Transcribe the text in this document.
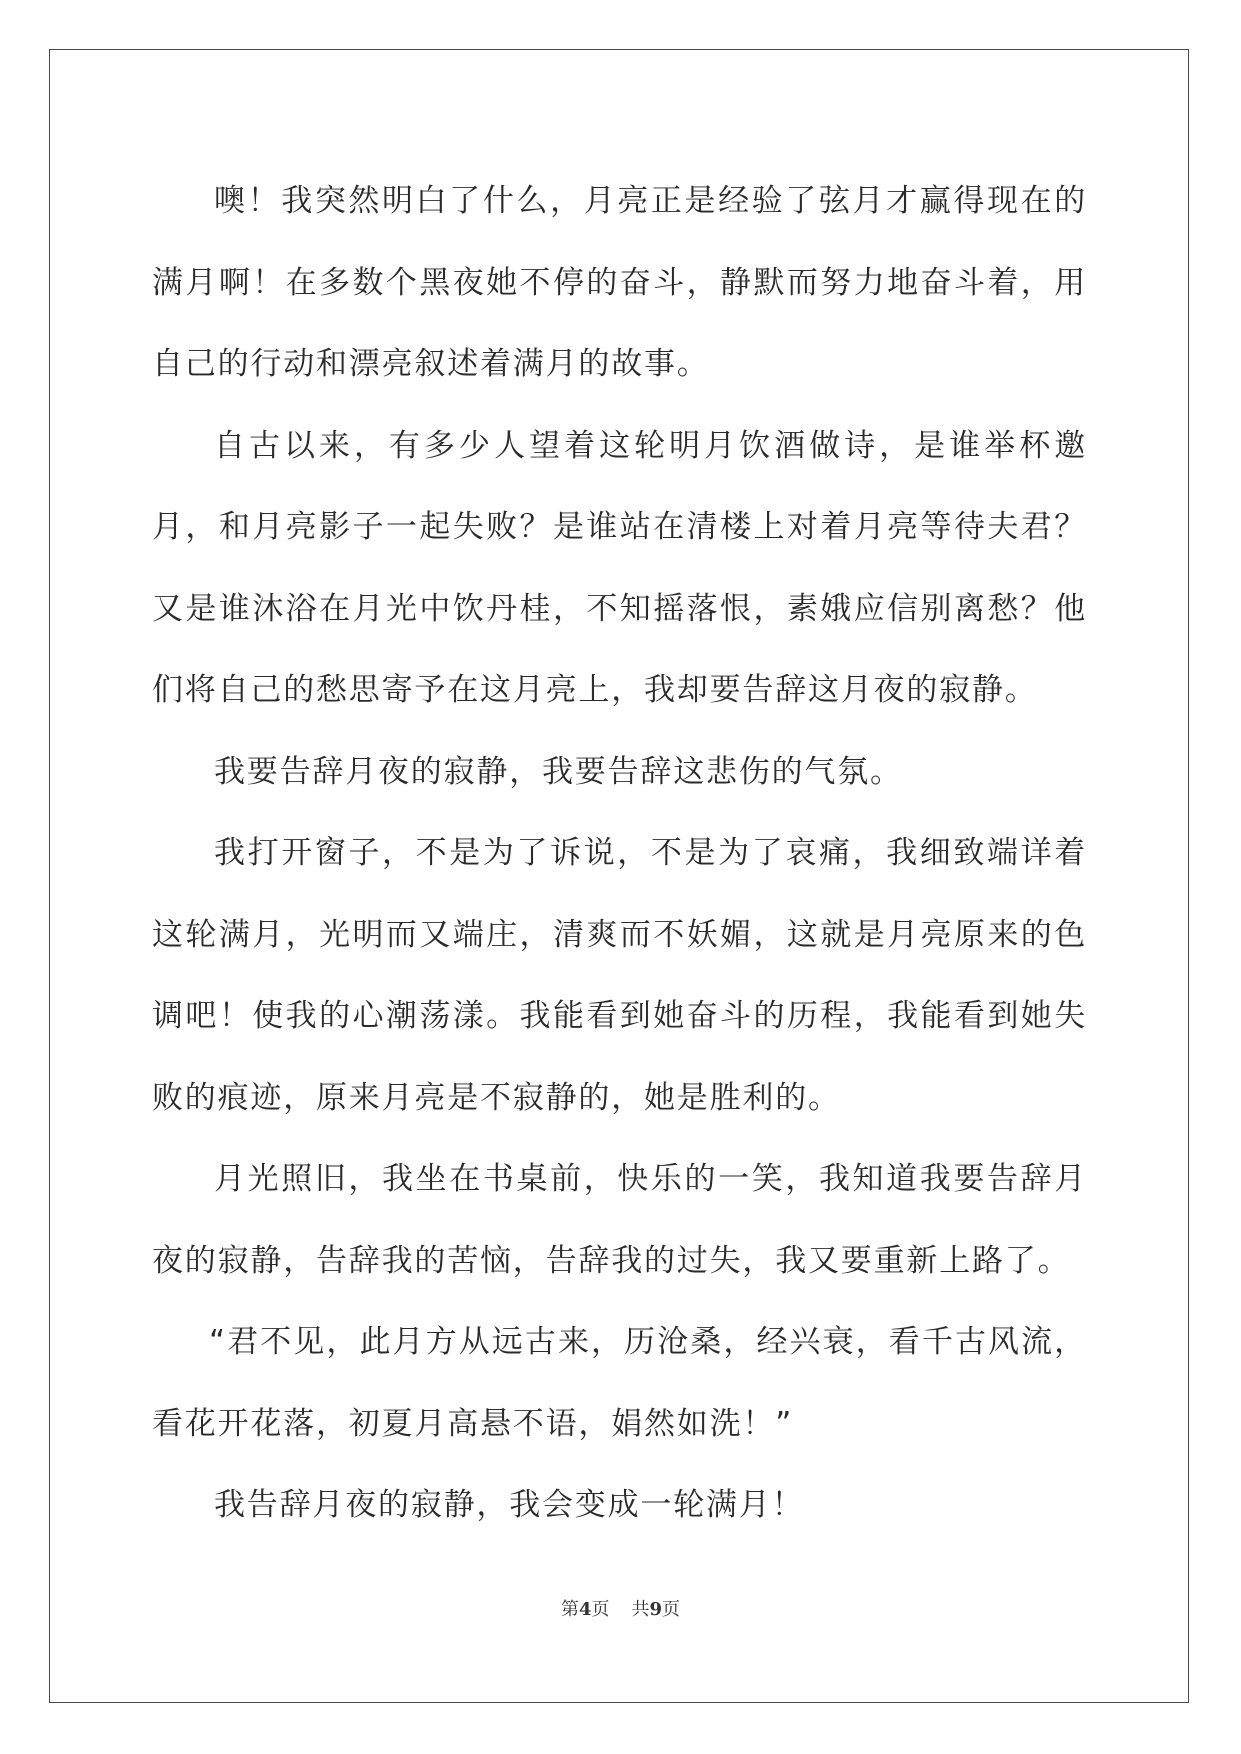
噢！我突然明白了什么，月亮正是经验了弦月才赢得现在的满月啊！在多数个黑夜她不停的奋斗，静默而努力地奋斗着，用自己的行动和漂亮叙述着满月的故事。

自古以来，有多少人望着这轮明月饮酒做诗，是谁举杯邀月，和月亮影子一起失败？是谁站在清楼上对着月亮等待夫君？又是谁沐浴在月光中饮丹桂，不知摇落恨，素娥应信别离愁？他们将自己的愁思寄予在这月亮上，我却要告辞这月夜的寂静。

我要告辞月夜的寂静，我要告辞这悲伤的气氛。

我打开窗子，不是为了诉说，不是为了哀痛，我细致端详着这轮满月，光明而又端庄，清爽而不妖媚，这就是月亮原来的色调吧！使我的心潮荡漾。我能看到她奋斗的历程，我能看到她失败的痕迹，原来月亮是不寂静的，她是胜利的。

月光照旧，我坐在书桌前，快乐的一笑，我知道我要告辞月夜的寂静，告辞我的苦恼，告辞我的过失，我又要重新上路了。

“君不见，此月方从远古来，历沧桑，经兴衰，看千古风流，看花开花落，初夏月高悬不语，娟然如洗！”

我告辞月夜的寂静，我会变成一轮满月！

第4页 共9页
